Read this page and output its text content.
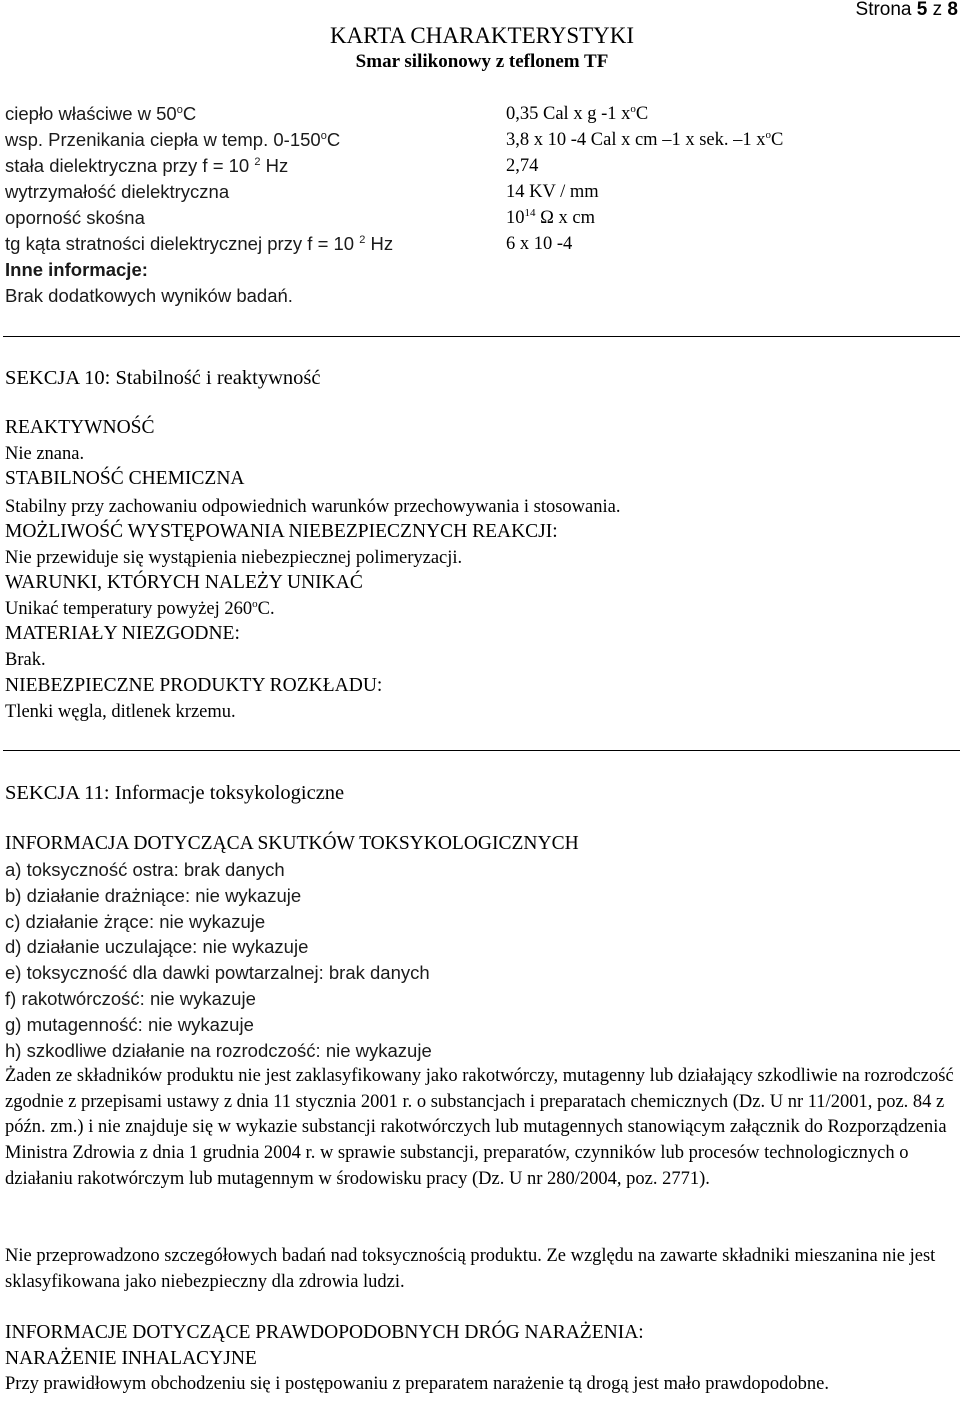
Strona 5 z 8
KARTA CHARAKTERYSTYKI
Smar silikonowy z teflonem TF
ciepło właściwe w 50$^o$C	0,35 Cal x g -1 $x^oC$
wsp. Przenikania ciepła w temp. 0-150$^o$C	3,8 x 10 -4 Cal x cm –1 x sek. –1 $x^oC$
stała dielektryczna przy f = 10 $^2$ Hz	2,74
wytrzymałość dielektryczna	14 KV / mm
oporność skośna	$10^{14}$ Ω x cm
tg kąta stratności dielektrycznej przy f = 10 $^2$ Hz	6 x 10 -4
Inne informacje:
Brak dodatkowych wyników badań.
SEKCJA 10: Stabilność i reaktywność
REAKTYWNOŚĆ
Nie znana.
STABILNOŚĆ CHEMICZNA
Stabilny przy zachowaniu odpowiednich warunków przechowywania i stosowania.
MOŻLIWOŚĆ WYSTĘPOWANIA NIEBEZPIECZNYCH REAKCJI:
Nie przewiduje się wystąpienia niebezpiecznej polimeryzacji.
WARUNKI, KTÓRYCH NALEŻY UNIKAĆ
Unikać temperatury powyżej 260$^o$C.
MATERIAŁY NIEZGODNE:
Brak.
NIEBEZPIECZNE PRODUKTY ROZKŁADU:
Tlenki węgla, ditlenek krzemu.
SEKCJA 11: Informacje toksykologiczne
INFORMACJA DOTYCZĄCA SKUTKÓW TOKSYKOLOGICZNYCH
a) toksyczność ostra: brak danych
b) działanie drażniące: nie wykazuje
c) działanie żrące: nie wykazuje
d) działanie uczulające: nie wykazuje
e) toksyczność dla dawki powtarzalnej: brak danych
f) rakotwórczość: nie wykazuje
g) mutagenność: nie wykazuje
h) szkodliwe działanie na rozrodczość: nie wykazuje
Żaden ze składników produktu nie jest zaklasyfikowany jako rakotwórczy, mutagenny lub działający szkodliwie na rozrodczość zgodnie z przepisami ustawy z dnia 11 stycznia 2001 r. o substancjach i preparatach chemicznych (Dz. U nr 11/2001, poz. 84 z późn. zm.) i nie znajduje się w wykazie substancji rakotwórczych lub mutagennych stanowiącym załącznik do Rozporządzenia Ministra Zdrowia z dnia 1 grudnia 2004 r. w sprawie substancji, preparatów, czynników lub procesów technologicznych o działaniu rakotwórczym lub mutagennym w środowisku pracy (Dz. U nr 280/2004, poz. 2771).
Nie przeprowadzono szczegółowych badań nad toksycznością produktu. Ze względu na zawarte składniki mieszanina nie jest sklasyfikowana jako niebezpieczny dla zdrowia ludzi.
INFORMACJE DOTYCZĄCE PRAWDOPODOBNYCH DRÓG NARAŻENIA:
NARAŻENIE INHALACYJNE
Przy prawidłowym obchodzeniu się i postępowaniu z preparatem narażenie tą drogą jest mało prawdopodobne.
